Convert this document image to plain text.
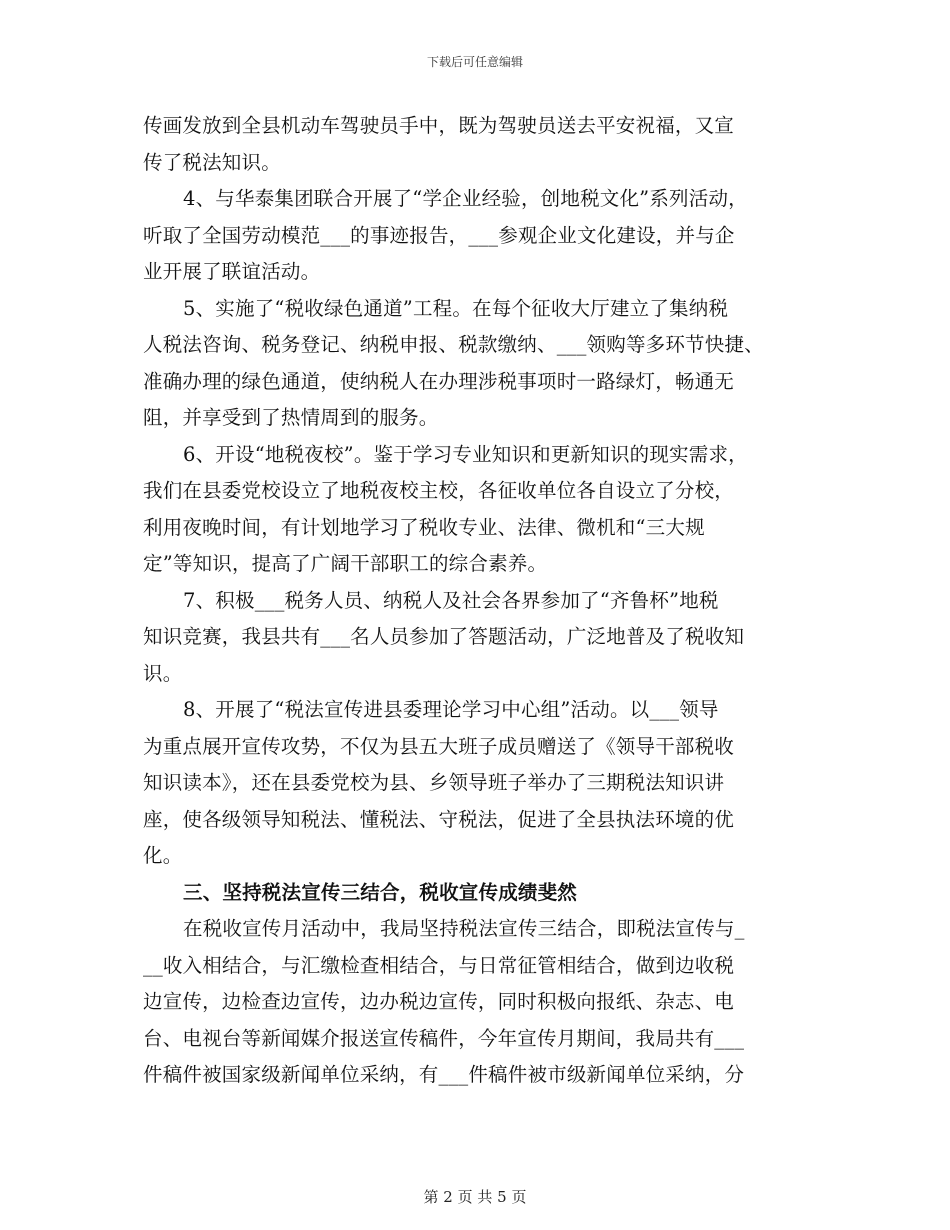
下载后可任意编辑
传画发放到全县机动车驾驶员手中，既为驾驶员送去平安祝福，又宣
传了税法知识。
4、与华泰集团联合开展了“学企业经验，创地税文化”系列活动，
听取了全国劳动模范___的事迹报告，___参观企业文化建设，并与企
业开展了联谊活动。
5、实施了“税收绿色通道”工程。在每个征收大厅建立了集纳税
人税法咨询、税务登记、纳税申报、税款缴纳、___领购等多环节快捷、
准确办理的绿色通道，使纳税人在办理涉税事项时一路绿灯，畅通无
阻，并享受到了热情周到的服务。
6、开设“地税夜校”。鉴于学习专业知识和更新知识的现实需求，
我们在县委党校设立了地税夜校主校，各征收单位各自设立了分校，
利用夜晚时间，有计划地学习了税收专业、法律、微机和“三大规
定”等知识，提高了广阔干部职工的综合素养。
7、积极___税务人员、纳税人及社会各界参加了“齐鲁杯”地税
知识竞赛，我县共有___名人员参加了答题活动，广泛地普及了税收知
识。
8、开展了“税法宣传进县委理论学习中心组”活动。以___领导
为重点展开宣传攻势，不仅为县五大班子成员赠送了《领导干部税收
知识读本》，还在县委党校为县、乡领导班子举办了三期税法知识讲
座，使各级领导知税法、懂税法、守税法，促进了全县执法环境的优
化。
三、坚持税法宣传三结合，税收宣传成绩斐然
在税收宣传月活动中，我局坚持税法宣传三结合，即税法宣传与_
__收入相结合，与汇缴检查相结合，与日常征管相结合，做到边收税
边宣传，边检查边宣传，边办税边宣传，同时积极向报纸、杂志、电
台、电视台等新闻媒介报送宣传稿件，今年宣传月期间，我局共有___
件稿件被国家级新闻单位采纳，有___件稿件被市级新闻单位采纳，分
第 2 页 共 5 页
